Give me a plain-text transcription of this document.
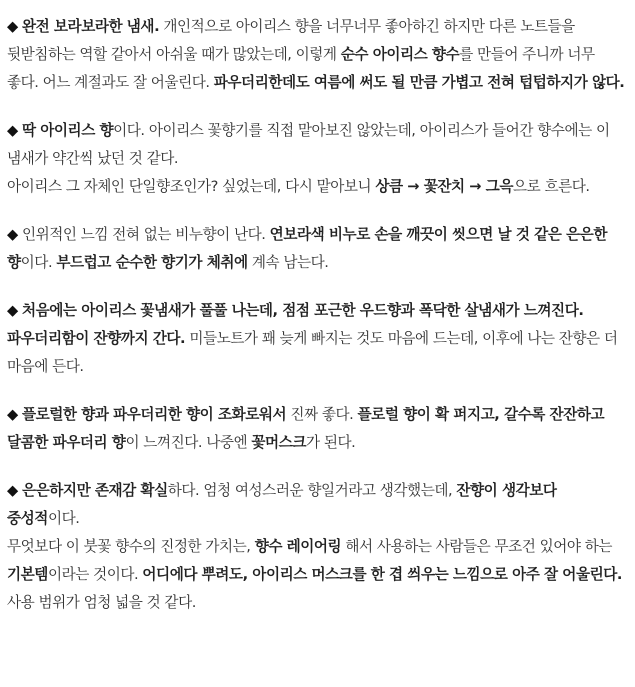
◆ 완전 보라보라한 냄새. 개인적으로 아이리스 향을 너무너무 좋아하긴 하지만 다른 노트들을 뒷받침하는 역할 같아서 아쉬울 때가 많았는데, 이렇게 순수 아이리스 향수를 만들어 주니까 너무 좋다. 어느 계절과도 잘 어울린다. 파우더리한데도 여름에 써도 될 만큼 가볍고 전혀 텁텁하지가 않다.

◆ 딱 아이리스 향이다. 아이리스 꽃향기를 직접 맡아보진 않았는데, 아이리스가 들어간 향수에는 이 냄새가 약간씩 났던 것 같다.

아이리스 그 자체인 단일향조인가? 싶었는데, 다시 맡아보니 상큼 → 꽃잔치 → 그윽으로 흐른다.

◆ 인위적인 느낌 전혀 없는 비누향이 난다. 연보라색 비누로 손을 깨끗이 씻으면 날 것 같은 은은한 향이다. 부드럽고 순수한 향기가 체취에 계속 남는다.

◆ 처음에는 아이리스 꽃냄새가 풀풀 나는데, 점점 포근한 우드향과 폭닥한 살냄새가 느껴진다. 파우더리함이 잔향까지 간다. 미들노트가 꽤 늦게 빠지는 것도 마음에 드는데, 이후에 나는 잔향은 더 마음에 든다.

◆ 플로럴한 향과 파우더리한 향이 조화로워서 진짜 좋다. 플로럴 향이 확 퍼지고, 갈수록 잔잔하고 달콤한 파우더리 향이 느껴진다. 나중엔 꽃머스크가 된다.

◆ 은은하지만 존재감 확실하다. 엄청 여성스러운 향일거라고 생각했는데, 잔향이 생각보다 중성적이다.

무엇보다 이 붓꽃 향수의 진정한 가치는, 향수 레이어링 해서 사용하는 사람들은 무조건 있어야 하는 기본템이라는 것이다. 어디에다 뿌려도, 아이리스 머스크를 한 겹 씌우는 느낌으로 아주 잘 어울린다. 사용 범위가 엄청 넓을 것 같다.
